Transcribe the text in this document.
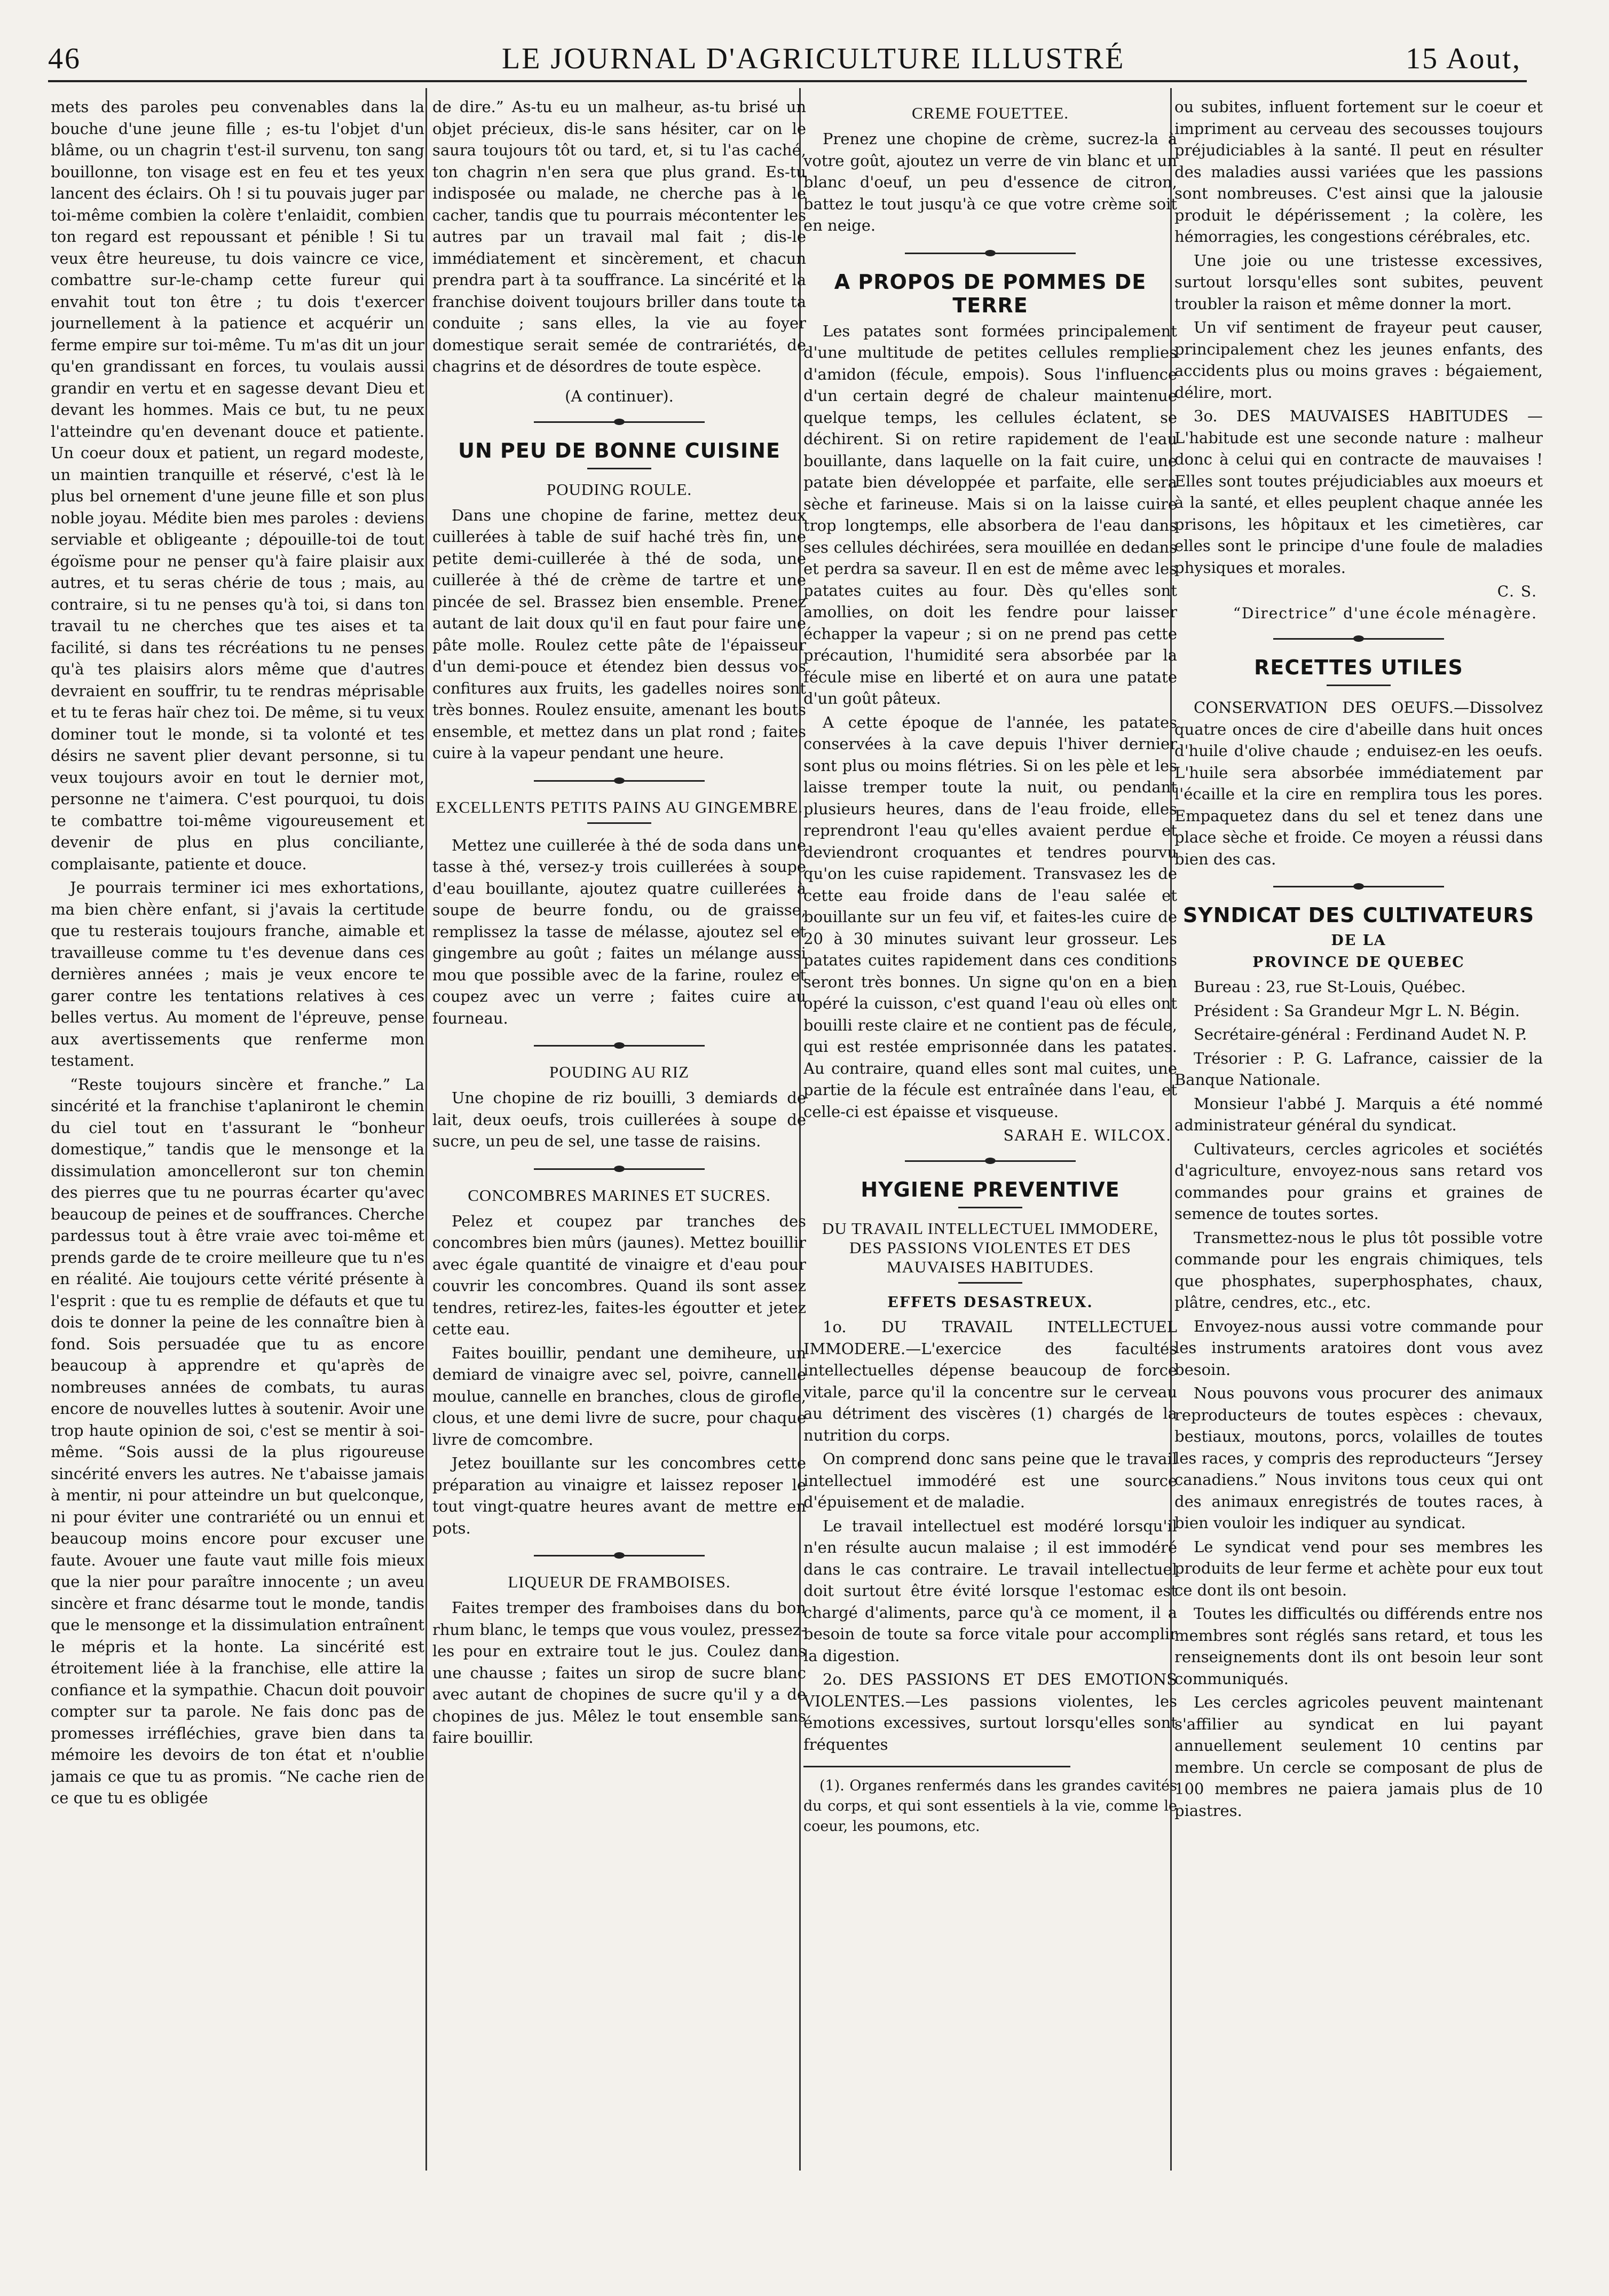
46	LE JOURNAL D'AGRICULTURE ILLUSTRÉ	15 Aout,

mets des paroles peu convenables dans la bouche d'une jeune fille ; es-tu l'objet d'un blâme, ou un chagrin t'est-il survenu, ton sang bouillonne, ton visage est en feu et tes yeux lancent des éclairs. Oh ! si tu pouvais juger par toi-même combien la colère t'enlaidit, combien ton regard est repoussant et pénible ! Si tu veux être heureuse, tu dois vaincre ce vice, combattre sur-le-champ cette fureur qui envahit tout ton être ; tu dois t'exercer journellement à la patience et acquérir un ferme empire sur toi-même. Tu m'as dit un jour qu'en grandissant en forces, tu voulais aussi grandir en vertu et en sagesse devant Dieu et devant les hommes. Mais ce but, tu ne peux l'atteindre qu'en devenant douce et patiente. Un coeur doux et patient, un regard modeste, un maintien tranquille et réservé, c'est là le plus bel ornement d'une jeune fille et son plus noble joyau. Médite bien mes paroles : deviens serviable et obligeante ; dépouille-toi de tout égoïsme pour ne penser qu'à faire plaisir aux autres, et tu seras chérie de tous ; mais, au contraire, si tu ne penses qu'à toi, si dans ton travail tu ne cherches que tes aises et ta facilité, si dans tes récréations tu ne penses qu'à tes plaisirs alors même que d'autres devraient en souffrir, tu te rendras méprisable et tu te feras haïr chez toi. De même, si tu veux dominer tout le monde, si ta volonté et tes désirs ne savent plier devant personne, si tu veux toujours avoir en tout le dernier mot, personne ne t'aimera. C'est pourquoi, tu dois te combattre toi-même vigoureusement et devenir de plus en plus conciliante, complaisante, patiente et douce.

Je pourrais terminer ici mes exhortations, ma bien chère enfant, si j'avais la certitude que tu resterais toujours franche, aimable et travailleuse comme tu t'es devenue dans ces dernières années ; mais je veux encore te garer contre les tentations relatives à ces belles vertus. Au moment de l'épreuve, pense aux avertissements que renferme mon testament.

“Reste toujours sincère et franche.” La sincérité et la franchise t'aplaniront le chemin du ciel tout en t'assurant le “bonheur domestique,” tandis que le mensonge et la dissimulation amoncelleront sur ton chemin des pierres que tu ne pourras écarter qu'avec beaucoup de peines et de souffrances. Cherche pardessus tout à être vraie avec toi-même et prends garde de te croire meilleure que tu n'es en réalité. Aie toujours cette vérité présente à l'esprit : que tu es remplie de défauts et que tu dois te donner la peine de les connaître bien à fond. Sois persuadée que tu as encore beaucoup à apprendre et qu'après de nombreuses années de combats, tu auras encore de nouvelles luttes à soutenir. Avoir une trop haute opinion de soi, c'est se mentir à soi-même. “Sois aussi de la plus rigoureuse sincérité envers les autres. Ne t'abaisse jamais à mentir, ni pour atteindre un but quelconque, ni pour éviter une contrariété ou un ennui et beaucoup moins encore pour excuser une faute. Avouer une faute vaut mille fois mieux que la nier pour paraître innocente ; un aveu sincère et franc désarme tout le monde, tandis que le mensonge et la dissimulation entraînent le mépris et la honte. La sincérité est étroitement liée à la franchise, elle attire la confiance et la sympathie. Chacun doit pouvoir compter sur ta parole. Ne fais donc pas de promesses irréfléchies, grave bien dans ta mémoire les devoirs de ton état et n'oublie jamais ce que tu as promis. “Ne cache rien de ce que tu es obligée

de dire.” As-tu eu un malheur, as-tu brisé un objet précieux, dis-le sans hésiter, car on le saura toujours tôt ou tard, et, si tu l'as caché, ton chagrin n'en sera que plus grand. Es-tu indisposée ou malade, ne cherche pas à le cacher, tandis que tu pourrais mécontenter les autres par un travail mal fait ; dis-le immédiatement et sincèrement, et chacun prendra part à ta souffrance. La sincérité et la franchise doivent toujours briller dans toute ta conduite ; sans elles, la vie au foyer domestique serait semée de contrariétés, de chagrins et de désordres de toute espèce.

(A continuer).
UN PEU DE BONNE CUISINE
POUDING ROULE.

Dans une chopine de farine, mettez deux cuillerées à table de suif haché très fin, une petite demi-cuillerée à thé de soda, une cuillerée à thé de crème de tartre et une pincée de sel. Brassez bien ensemble. Prenez autant de lait doux qu'il en faut pour faire une pâte molle. Roulez cette pâte de l'épaisseur d'un demi-pouce et étendez bien dessus vos confitures aux fruits, les gadelles noires sont très bonnes. Roulez ensuite, amenant les bouts ensemble, et mettez dans un plat rond ; faites cuire à la vapeur pendant une heure.

EXCELLENTS PETITS PAINS AU GINGEMBRE.

Mettez une cuillerée à thé de soda dans une tasse à thé, versez-y trois cuillerées à soupe d'eau bouillante, ajoutez quatre cuillerées à soupe de beurre fondu, ou de graisse, remplissez la tasse de mélasse, ajoutez sel et gingembre au goût ; faites un mélange aussi mou que possible avec de la farine, roulez et coupez avec un verre ; faites cuire au fourneau.

POUDING AU RIZ

Une chopine de riz bouilli, 3 demiards de lait, deux oeufs, trois cuillerées à soupe de sucre, un peu de sel, une tasse de raisins.

CONCOMBRES MARINES ET SUCRES.

Pelez et coupez par tranches des concombres bien mûrs (jaunes). Mettez bouillir avec égale quantité de vinaigre et d'eau pour couvrir les concombres. Quand ils sont assez tendres, retirez-les, faites-les égoutter et jetez cette eau.

Faites bouillir, pendant une demiheure, un demiard de vinaigre avec sel, poivre, cannelle moulue, cannelle en branches, clous de girofle, clous, et une demi livre de sucre, pour chaque livre de comcombre.

Jetez bouillante sur les concombres cette préparation au vinaigre et laissez reposer le tout vingt-quatre heures avant de mettre en pots.

LIQUEUR DE FRAMBOISES.

Faites tremper des framboises dans du bon rhum blanc, le temps que vous voulez, pressez-les pour en extraire tout le jus. Coulez dans une chausse ; faites un sirop de sucre blanc avec autant de chopines de sucre qu'il y a de chopines de jus. Mêlez le tout ensemble sans faire bouillir.

CREME FOUETTEE.

Prenez une chopine de crème, sucrez-la à votre goût, ajoutez un verre de vin blanc et un blanc d'oeuf, un peu d'essence de citron, battez le tout jusqu'à ce que votre crème soit en neige.

A PROPOS DE POMMES DE TERRE

Les patates sont formées principalement d'une multitude de petites cellules remplies d'amidon (fécule, empois). Sous l'influence d'un certain degré de chaleur maintenue quelque temps, les cellules éclatent, se déchirent. Si on retire rapidement de l'eau bouillante, dans laquelle on la fait cuire, une patate bien développée et parfaite, elle sera sèche et farineuse. Mais si on la laisse cuire trop longtemps, elle absorbera de l'eau dans ses cellules déchirées, sera mouillée en dedans et perdra sa saveur. Il en est de même avec les patates cuites au four. Dès qu'elles sont amollies, on doit les fendre pour laisser échapper la vapeur ; si on ne prend pas cette précaution, l'humidité sera absorbée par la fécule mise en liberté et on aura une patate d'un goût pâteux.

A cette époque de l'année, les patates conservées à la cave depuis l'hiver dernier sont plus ou moins flétries. Si on les pèle et les laisse tremper toute la nuit, ou pendant plusieurs heures, dans de l'eau froide, elles reprendront l'eau qu'elles avaient perdue et deviendront croquantes et tendres pourvu qu'on les cuise rapidement. Transvasez les de cette eau froide dans de l'eau salée et bouillante sur un feu vif, et faites-les cuire de 20 à 30 minutes suivant leur grosseur. Les patates cuites rapidement dans ces conditions seront très bonnes. Un signe qu'on en a bien opéré la cuisson, c'est quand l'eau où elles ont bouilli reste claire et ne contient pas de fécule, qui est restée emprisonnée dans les patates. Au contraire, quand elles sont mal cuites, une partie de la fécule est entraînée dans l'eau, et celle-ci est épaisse et visqueuse.

SARAH E. WILCOX.
HYGIENE PREVENTIVE
DU TRAVAIL INTELLECTUEL IMMODERE, DES PASSIONS VIOLENTES ET DES MAUVAISES HABITUDES.
EFFETS DESASTREUX.

1o. DU TRAVAIL INTELLECTUEL IMMODERE.—L'exercice des facultés intellectuelles dépense beaucoup de force vitale, parce qu'il la concentre sur le cerveau au détriment des viscères (1) chargés de la nutrition du corps.

On comprend donc sans peine que le travail intellectuel immodéré est une source d'épuisement et de maladie.

Le travail intellectuel est modéré lorsqu'il n'en résulte aucun malaise ; il est immodéré dans le cas contraire. Le travail intellectuel doit surtout être évité lorsque l'estomac est chargé d'aliments, parce qu'à ce moment, il a besoin de toute sa force vitale pour accomplir la digestion.

2o. DES PASSIONS ET DES EMOTIONS VIOLENTES.—Les passions violentes, les émotions excessives, surtout lorsqu'elles sont fréquentes

(1). Organes renfermés dans les grandes cavités du corps, et qui sont essentiels à la vie, comme le coeur, les poumons, etc.

ou subites, influent fortement sur le coeur et impriment au cerveau des secousses toujours préjudiciables à la santé. Il peut en résulter des maladies aussi variées que les passions sont nombreuses. C'est ainsi que la jalousie produit le dépérissement ; la colère, les hémorragies, les congestions cérébrales, etc.

Une joie ou une tristesse excessives, surtout lorsqu'elles sont subites, peuvent troubler la raison et même donner la mort.

Un vif sentiment de frayeur peut causer, principalement chez les jeunes enfants, des accidents plus ou moins graves : bégaiement, délire, mort.

3o. DES MAUVAISES HABITUDES —L'habitude est une seconde nature : malheur donc à celui qui en contracte de mauvaises ! Elles sont toutes préjudiciables aux moeurs et à la santé, et elles peuplent chaque année les prisons, les hôpitaux et les cimetières, car elles sont le principe d'une foule de maladies physiques et morales.

C. S.
“Directrice” d'une école ménagère.
RECETTES UTILES

CONSERVATION DES OEUFS.—Dissolvez quatre onces de cire d'abeille dans huit onces d'huile d'olive chaude ; enduisez-en les oeufs. L'huile sera absorbée immédiatement par l'écaille et la cire en remplira tous les pores. Empaquetez dans du sel et tenez dans une place sèche et froide. Ce moyen a réussi dans bien des cas.

SYNDICAT DES CULTIVATEURS
DE LA
PROVINCE DE QUEBEC

Bureau : 23, rue St-Louis, Québec.

Président : Sa Grandeur Mgr L. N. Bégin.

Secrétaire-général : Ferdinand Audet N. P.

Trésorier : P. G. Lafrance, caissier de la Banque Nationale.

Monsieur l'abbé J. Marquis a été nommé administrateur général du syndicat.

Cultivateurs, cercles agricoles et sociétés d'agriculture, envoyez-nous sans retard vos commandes pour grains et graines de semence de toutes sortes.

Transmettez-nous le plus tôt possible votre commande pour les engrais chimiques, tels que phosphates, superphosphates, chaux, plâtre, cendres, etc., etc.

Envoyez-nous aussi votre commande pour les instruments aratoires dont vous avez besoin.

Nous pouvons vous procurer des animaux reproducteurs de toutes espèces : chevaux, bestiaux, moutons, porcs, volailles de toutes les races, y compris des reproducteurs “Jersey canadiens.” Nous invitons tous ceux qui ont des animaux enregistrés de toutes races, à bien vouloir les indiquer au syndicat.

Le syndicat vend pour ses membres les produits de leur ferme et achète pour eux tout ce dont ils ont besoin.

Toutes les difficultés ou différends entre nos membres sont réglés sans retard, et tous les renseignements dont ils ont besoin leur sont communiqués.

Les cercles agricoles peuvent maintenant s'affilier au syndicat en lui payant annuellement seulement 10 centins par membre. Un cercle se composant de plus de 100 membres ne paiera jamais plus de 10 piastres.
